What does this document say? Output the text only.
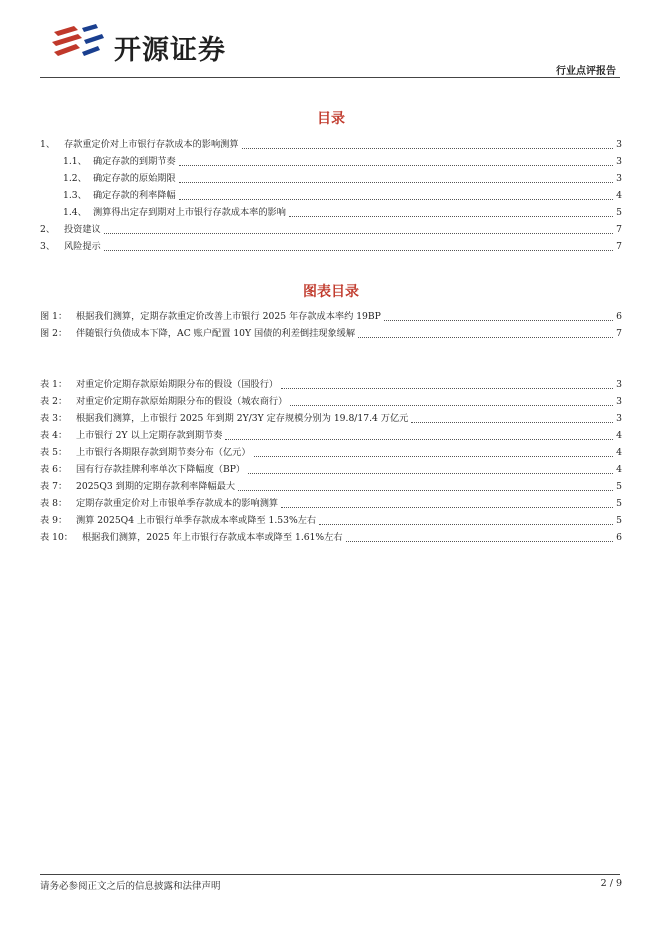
开源证券
行业点评报告
目录
1、 存款重定价对上市银行存款成本的影响测算	3
1.1、 确定存款的到期节奏	3
1.2、 确定存款的原始期限	3
1.3、 确定存款的利率降幅	4
1.4、 测算得出定存到期对上市银行存款成本率的影响	5
2、 投资建议	7
3、 风险提示	7
图表目录
图 1： 根据我们测算，定期存款重定价改善上市银行 2025 年存款成本率约 19BP	6
图 2： 伴随银行负债成本下降，AC 账户配置 10Y 国债的利差倒挂现象缓解	7
表 1： 对重定价定期存款原始期限分布的假设（国股行）	3
表 2： 对重定价定期存款原始期限分布的假设（城农商行）	3
表 3： 根据我们测算，上市银行 2025 年到期 2Y/3Y 定存规模分别为 19.8/17.4 万亿元	3
表 4： 上市银行 2Y 以上定期存款到期节奏	4
表 5： 上市银行各期限存款到期节奏分布（亿元）	4
表 6： 国有行存款挂牌利率单次下降幅度（BP）	4
表 7： 2025Q3 到期的定期存款利率降幅最大	5
表 8： 定期存款重定价对上市银单季存款成本的影响测算	5
表 9： 测算 2025Q4 上市银行单季存款成本率或降至 1.53%左右	5
表 10： 根据我们测算，2025 年上市银行存款成本率或降至 1.61%左右	6
请务必参阅正文之后的信息披露和法律声明	2 / 9
